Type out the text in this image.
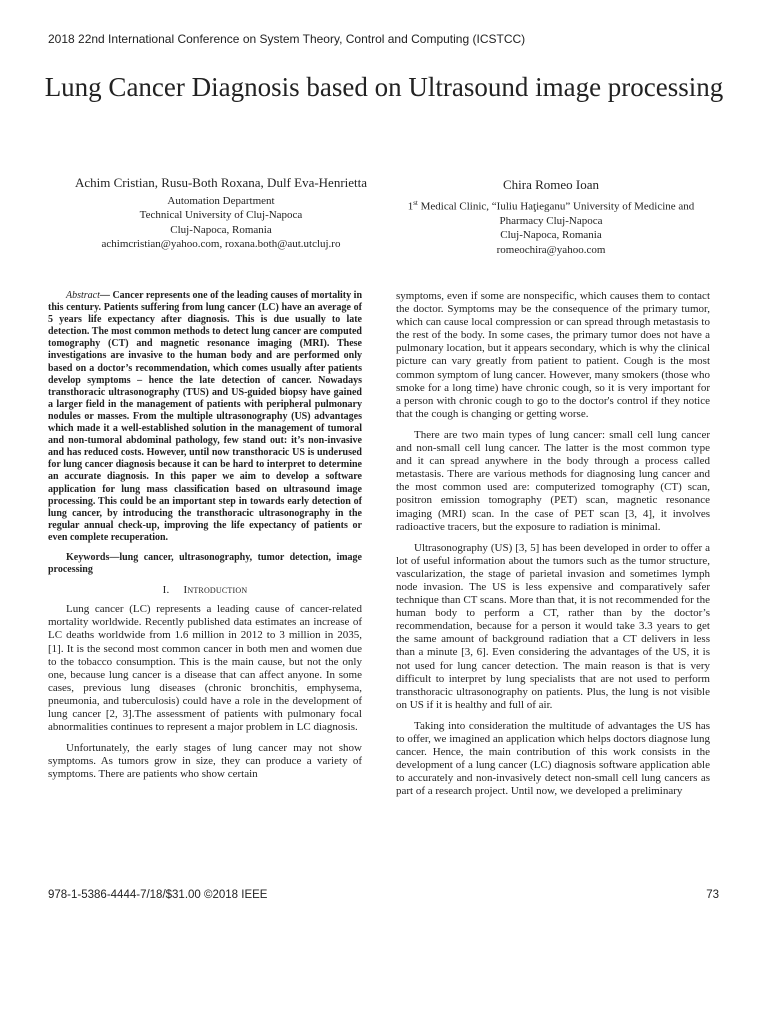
2018 22nd International Conference on System Theory, Control and Computing (ICSTCC)
Lung Cancer Diagnosis based on Ultrasound image processing
Achim Cristian, Rusu-Both Roxana, Dulf Eva-Henrietta
Automation Department
Technical University of Cluj-Napoca
Cluj-Napoca, Romania
achimcristian@yahoo.com, roxana.both@aut.utcluj.ro
Chira Romeo Ioan
1st Medical Clinic, “Iuliu Haţieganu” University of Medicine and Pharmacy Cluj-Napoca
Cluj-Napoca, Romania
romeochira@yahoo.com

Abstract— Cancer represents one of the leading causes of mortality in this century. Patients suffering from lung cancer (LC) have an average of 5 years life expectancy after diagnosis. This is due usually to late detection. The most common methods to detect lung cancer are computed tomography (CT) and magnetic resonance imaging (MRI). These investigations are invasive to the human body and are performed only based on a doctor’s recommendation, which comes usually after patients develop symptoms – hence the late detection of cancer. Nowadays transthoracic ultrasonography (TUS) and US-guided biopsy have gained a larger field in the management of patients with peripheral pulmonary nodules or masses. From the multiple ultrasonography (US) advantages which made it a well-established solution in the management of tumoral and non-tumoral abdominal pathology, few stand out: it’s non-invasive and has reduced costs. However, until now transthoracic US is underused for lung cancer diagnosis because it can be hard to interpret to determine an accurate diagnosis. In this paper we aim to develop a software application for lung mass classification based on ultrasound image processing. This could be an important step in towards early detection of lung cancer, by introducing the transthoracic ultrasonography in the regular annual check-up, improving the life expectancy of patients or even complete recuperation.

Keywords—lung cancer, ultrasonography, tumor detection, image processing

I. Introduction

Lung cancer (LC) represents a leading cause of cancer-related mortality worldwide. Recently published data estimates an increase of LC deaths worldwide from 1.6 million in 2012 to 3 million in 2035, [1]. It is the second most common cancer in both men and women due to the tobacco consumption. This is the main cause, but not the only one, because lung cancer is a disease that can affect anyone. In some cases, previous lung diseases (chronic bronchitis, emphysema, pneumonia, and tuberculosis) could have a role in the development of lung cancer [2, 3].The assessment of patients with pulmonary focal abnormalities continues to represent a major problem in LC diagnosis.

Unfortunately, the early stages of lung cancer may not show symptoms. As tumors grow in size, they can produce a variety of symptoms. There are patients who show certain

symptoms, even if some are nonspecific, which causes them to contact the doctor. Symptoms may be the consequence of the primary tumor, which can cause local compression or can spread through metastasis to the rest of the body. In some cases, the primary tumor does not have a pulmonary location, but it appears secondary, which is why the clinical picture can vary greatly from patient to patient. Cough is the most common symptom of lung cancer. However, many smokers (those who smoke for a long time) have chronic cough, so it is very important for a person with chronic cough to go to the doctor's control if they notice that the cough is changing or getting worse.

There are two main types of lung cancer: small cell lung cancer and non-small cell lung cancer. The latter is the most common type and it can spread anywhere in the body through a process called metastasis. There are various methods for diagnosing lung cancer and the most common used are: computerized tomography (CT) scan, positron emission tomography (PET) scan, magnetic resonance imaging (MRI) scan. In the case of PET scan [3, 4], it involves radioactive tracers, but the exposure to radiation is minimal.

Ultrasonography (US) [3, 5] has been developed in order to offer a lot of useful information about the tumors such as the tumor structure, vascularization, the stage of parietal invasion and sometimes lymph node invasion. The US is less expensive and comparatively safer technique than CT scans. More than that, it is not recommended for the human body to perform a CT, rather than by the doctor’s recommendation, because for a person it would take 3.3 years to get the same amount of background radiation that a CT delivers in less than a minute [3, 6]. Even considering the advantages of the US, it is not used for lung cancer detection. The main reason is that is very difficult to interpret by lung specialists that are not used to perform transthoracic ultrasonography on patients. Plus, the lung is not visible on US if it is healthy and full of air.

Taking into consideration the multitude of advantages the US has to offer, we imagined an application which helps doctors diagnose lung cancer. Hence, the main contribution of this work consists in the development of a lung cancer (LC) diagnosis software application able to accurately and non-invasively detect non-small cell lung cancers as part of a research project. Until now, we developed a preliminary

978-1-5386-4444-7/18/$31.00 ©2018 IEEE	73
